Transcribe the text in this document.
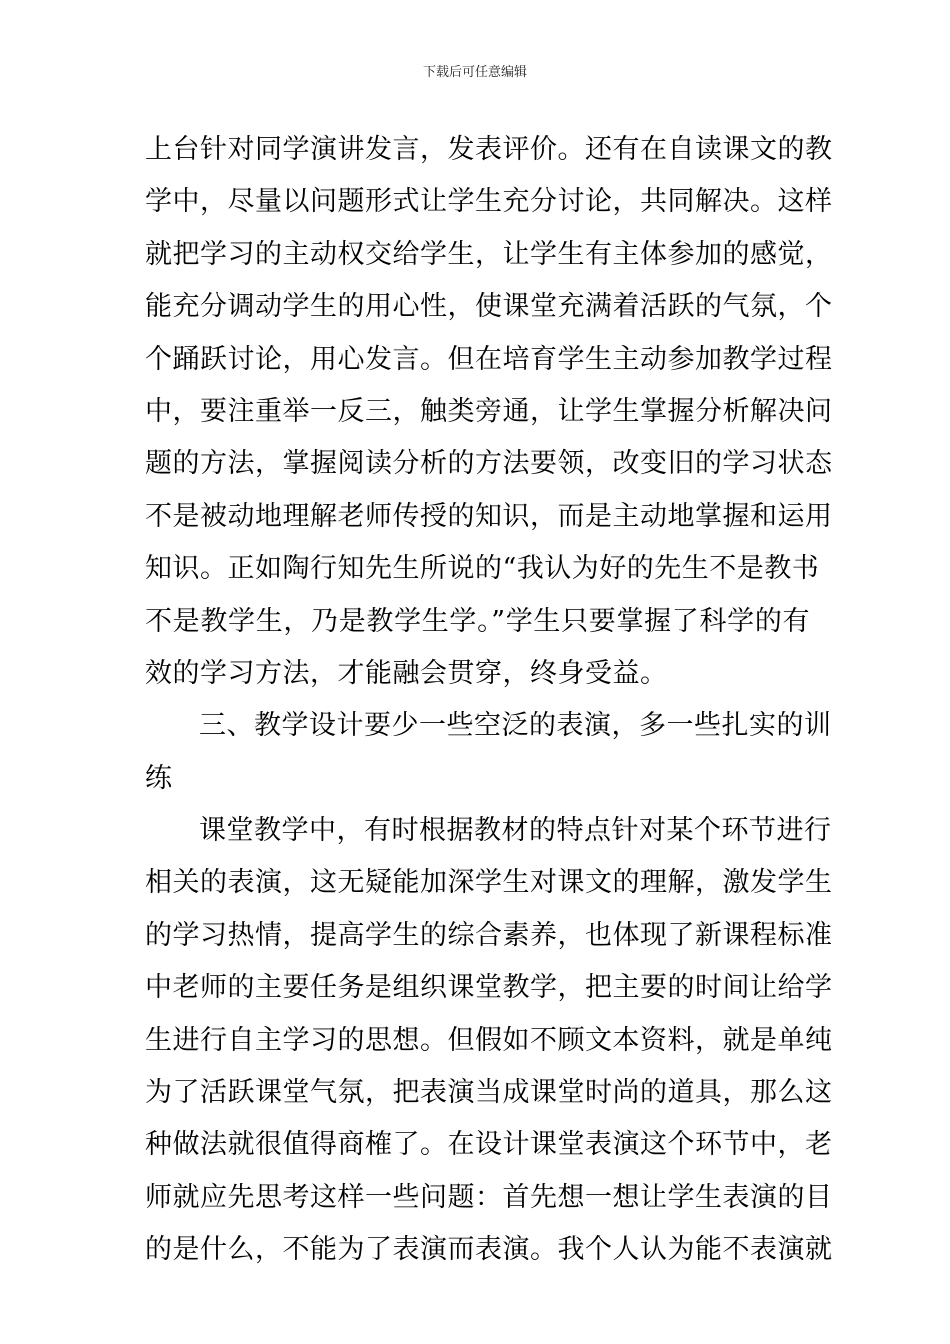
下载后可任意编辑
上台针对同学演讲发言，发表评价。还有在自读课文的教
学中，尽量以问题形式让学生充分讨论，共同解决。这样
就把学习的主动权交给学生，让学生有主体参加的感觉，
能充分调动学生的用心性，使课堂充满着活跃的气氛，个
个踊跃讨论，用心发言。但在培育学生主动参加教学过程
中，要注重举一反三，触类旁通，让学生掌握分析解决问
题的方法，掌握阅读分析的方法要领，改变旧的学习状态
不是被动地理解老师传授的知识，而是主动地掌握和运用
知识。正如陶行知先生所说的“我认为好的先生不是教书
不是教学生，乃是教学生学。”学生只要掌握了科学的有
效的学习方法，才能融会贯穿，终身受益。
三、教学设计要少一些空泛的表演，多一些扎实的训
练
课堂教学中，有时根据教材的特点针对某个环节进行
相关的表演，这无疑能加深学生对课文的理解，激发学生
的学习热情，提高学生的综合素养，也体现了新课程标准
中老师的主要任务是组织课堂教学，把主要的时间让给学
生进行自主学习的思想。但假如不顾文本资料，就是单纯
为了活跃课堂气氛，把表演当成课堂时尚的道具，那么这
种做法就很值得商榷了。在设计课堂表演这个环节中，老
师就应先思考这样一些问题：首先想一想让学生表演的目
的是什么，不能为了表演而表演。我个人认为能不表演就
